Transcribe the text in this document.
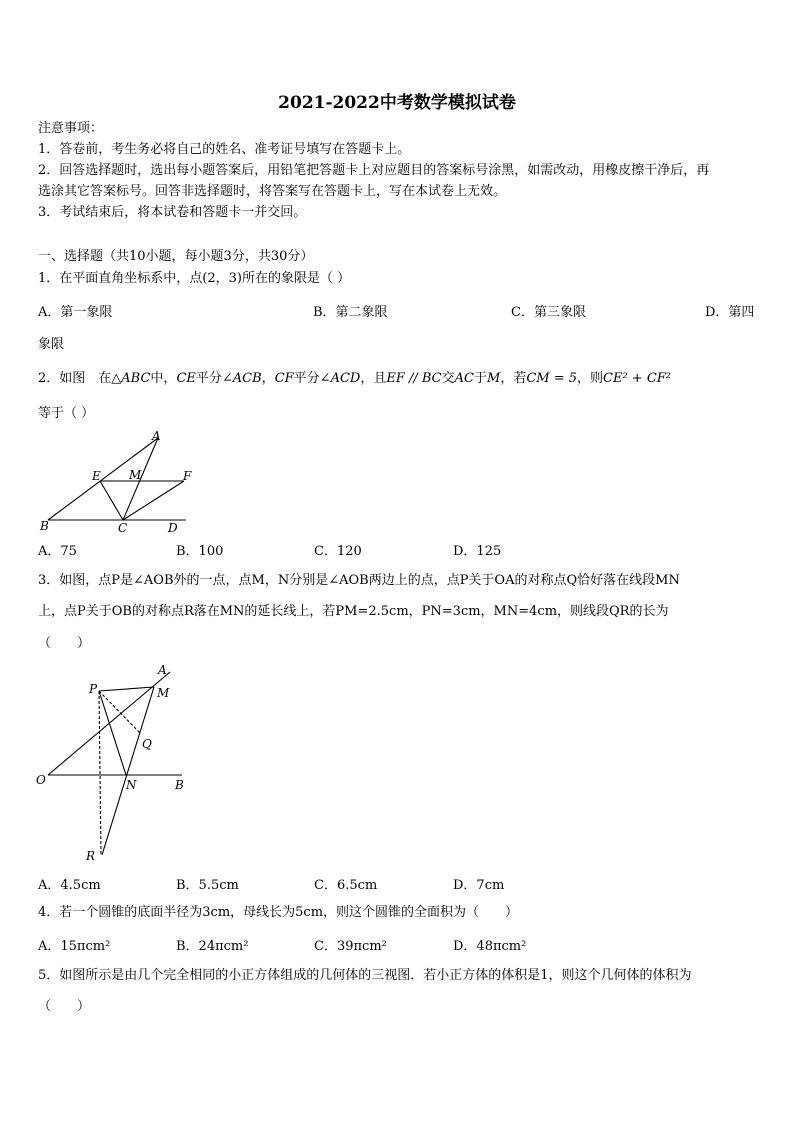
2021-2022中考数学模拟试卷
注意事项：
1．答卷前，考生务必将自己的姓名、准考证号填写在答题卡上。
2．回答选择题时，选出每小题答案后，用铅笔把答题卡上对应题目的答案标号涂黑，如需改动，用橡皮擦干净后，再
选涂其它答案标号。回答非选择题时，将答案写在答题卡上，写在本试卷上无效。
3．考试结束后，将本试卷和答题卡一并交回。
一、选择题（共10小题，每小题3分，共30分）
1．在平面直角坐标系中，点(2，3)所在的象限是（ ）
A．第一象限	B．第二象限	C．第三象限	D．第四
象限
2．如图　在△ABC中，CE平分∠ACB，CF平分∠ACD，且EF // BC交AC于M，若CM = 5，则CE² + CF²
等于（ ）
A
E M	F
B	C	D
A．75	B．100	C．120	D．125
3．如图，点P是∠AOB外的一点，点M，N分别是∠AOB两边上的点，点P关于OA的对称点Q恰好落在线段MN
上，点P关于OB的对称点R落在MN的延长线上，若PM=2.5cm，PN=3cm，MN=4cm，则线段QR的长为
（　　）
A
P	M
Q
O	N	B
R
A．4.5cm	B．5.5cm	C．6.5cm	D．7cm
4．若一个圆锥的底面半径为3cm，母线长为5cm，则这个圆锥的全面积为（　　）
A．15πcm²	B．24πcm²	C．39πcm²	D．48πcm²
5．如图所示是由几个完全相同的小正方体组成的几何体的三视图．若小正方体的体积是1，则这个几何体的体积为
（　　）
